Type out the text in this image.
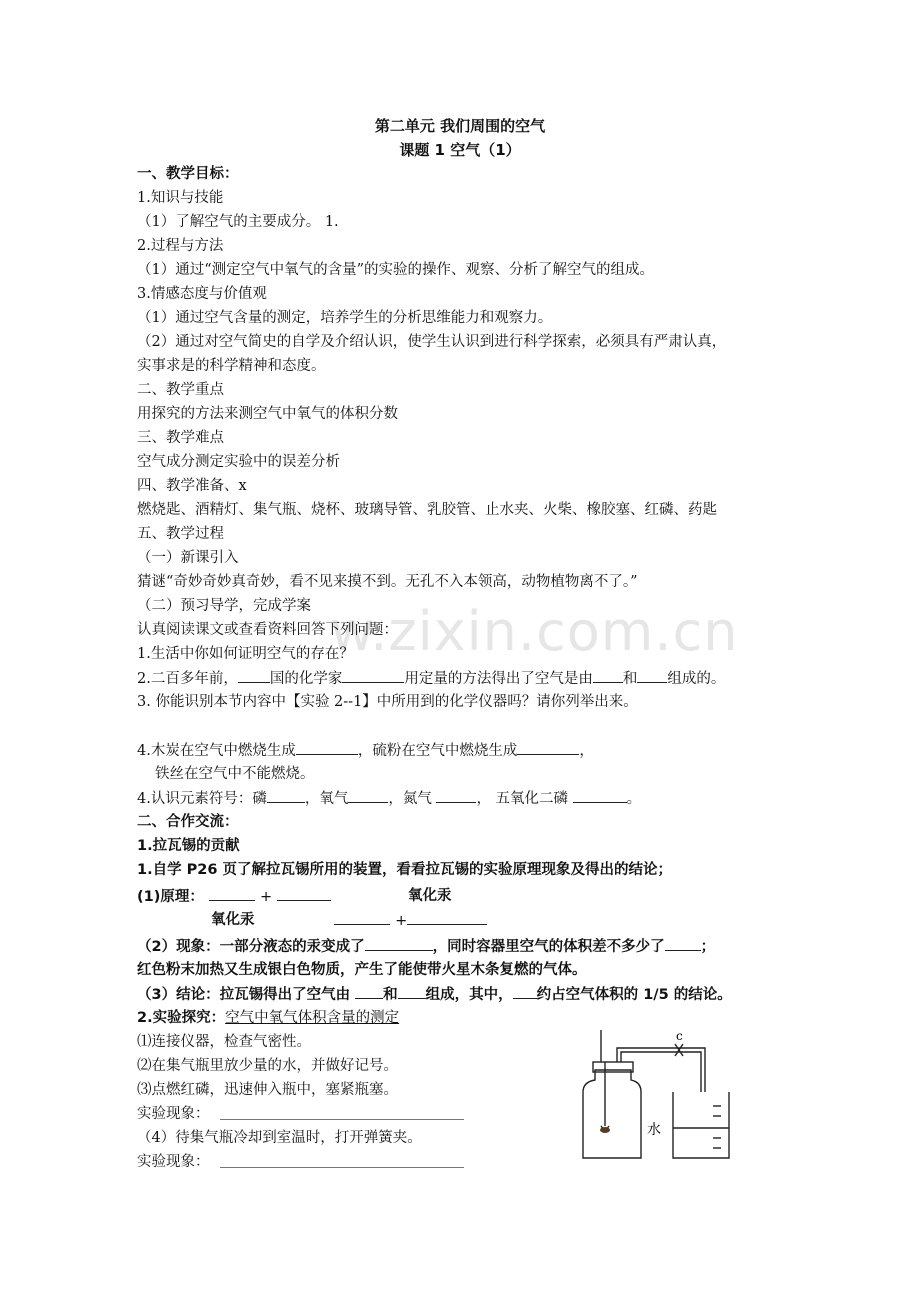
w.zixin.com.cn
第二单元 我们周围的空气
课题 1 空气（1）
一、教学目标：
1.知识与技能
（1）了解空气的主要成分。 1.
2.过程与方法
（1）通过“测定空气中氧气的含量”的实验的操作、观察、分析了解空气的组成。
3.情感态度与价值观
（1）通过空气含量的测定，培养学生的分析思维能力和观察力。
（2）通过对空气简史的自学及介绍认识，使学生认识到进行科学探索，必须具有严肃认真，
实事求是的科学精神和态度。
二、教学重点
用探究的方法来测空气中氧气的体积分数
三、教学难点
空气成分测定实验中的误差分析
四、教学准备、x
燃烧匙、酒精灯、集气瓶、烧杯、玻璃导管、乳胶管、止水夹、火柴、橡胶塞、红磷、药匙
五、教学过程
（一）新课引入
猜谜“奇妙奇妙真奇妙，看不见来摸不到。无孔不入本领高，动物植物离不了。”
（二）预习导学，完成学案
认真阅读课文或查看资料回答下列问题：
1.生活中你如何证明空气的存在？
2.二百多年前， 国的化学家	用定量的方法得出了空气是由 和 组成的。
3. 你能识别本节内容中【实验 2--1】中所用到的化学仪器吗？请你列举出来。
4.木炭在空气中燃烧生成	，硫粉在空气中燃烧生成	，
铁丝在空气中不能燃烧。
4.认识元素符号：磷	，氧气	，氮气	， 五氧化二磷	。
二、合作交流：
1.拉瓦锡的贡献
1.自学 P26 页了解拉瓦锡所用的装置，看看拉瓦锡的实验原理现象及得出的结论；
(1)原理：	+	氧化汞
氧化汞	+
（2）现象：一部分液态的汞变成了	，同时容器里空气的体积差不多少了 ；
红色粉末加热又生成银白色物质，产生了能使带火星木条复燃的气体。
（3）结论：拉瓦锡得出了空气由 和 组成，其中， 约占空气体积的 1/5 的结论。
2.实验探究：空气中氧气体积含量的测定
⑴连接仪器，检查气密性。
⑵在集气瓶里放少量的水，并做好记号。
⑶点燃红磷，迅速伸入瓶中，塞紧瓶塞。
实验现象：
（4）待集气瓶冷却到室温时，打开弹簧夹。
实验现象：
c
水
